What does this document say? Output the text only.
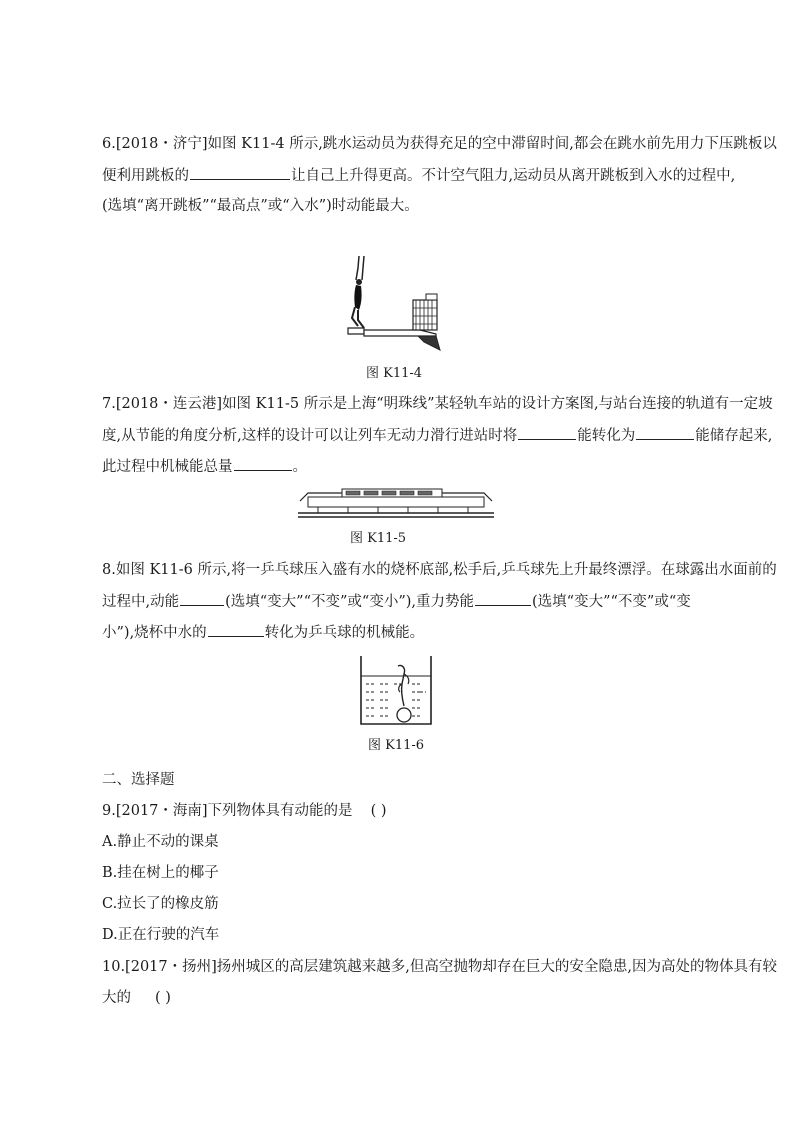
6.[2018・济宁]如图 K11-4 所示,跳水运动员为获得充足的空中滞留时间,都会在跳水前先用力下压跳板以
便利用跳板的	让自己上升得更高。不计空气阻力,运动员从离开跳板到入水的过程中,
(选填“离开跳板”“最高点”或“入水”)时动能最大。
图 K11-4
7.[2018・连云港]如图 K11-5 所示是上海“明珠线”某轻轨车站的设计方案图,与站台连接的轨道有一定坡
度,从节能的角度分析,这样的设计可以让列车无动力滑行进站时将	能转化为	能储存起来,
此过程中机械能总量	。
图 K11-5
8.如图 K11-6 所示,将一乒乓球压入盛有水的烧杯底部,松手后,乒乓球先上升最终漂浮。在球露出水面前的
过程中,动能	(选填“变大”“不变”或“变小”),重力势能	(选填“变大”“不变”或“变
小”),烧杯中水的	转化为乒乓球的机械能。
图 K11-6
二、选择题
9.[2017・海南]下列物体具有动能的是 ( )
A.静止不动的课桌
B.挂在树上的椰子
C.拉长了的橡皮筋
D.正在行驶的汽车
10.[2017・扬州]扬州城区的高层建筑越来越多,但高空抛物却存在巨大的安全隐患,因为高处的物体具有较
大的 ( )
